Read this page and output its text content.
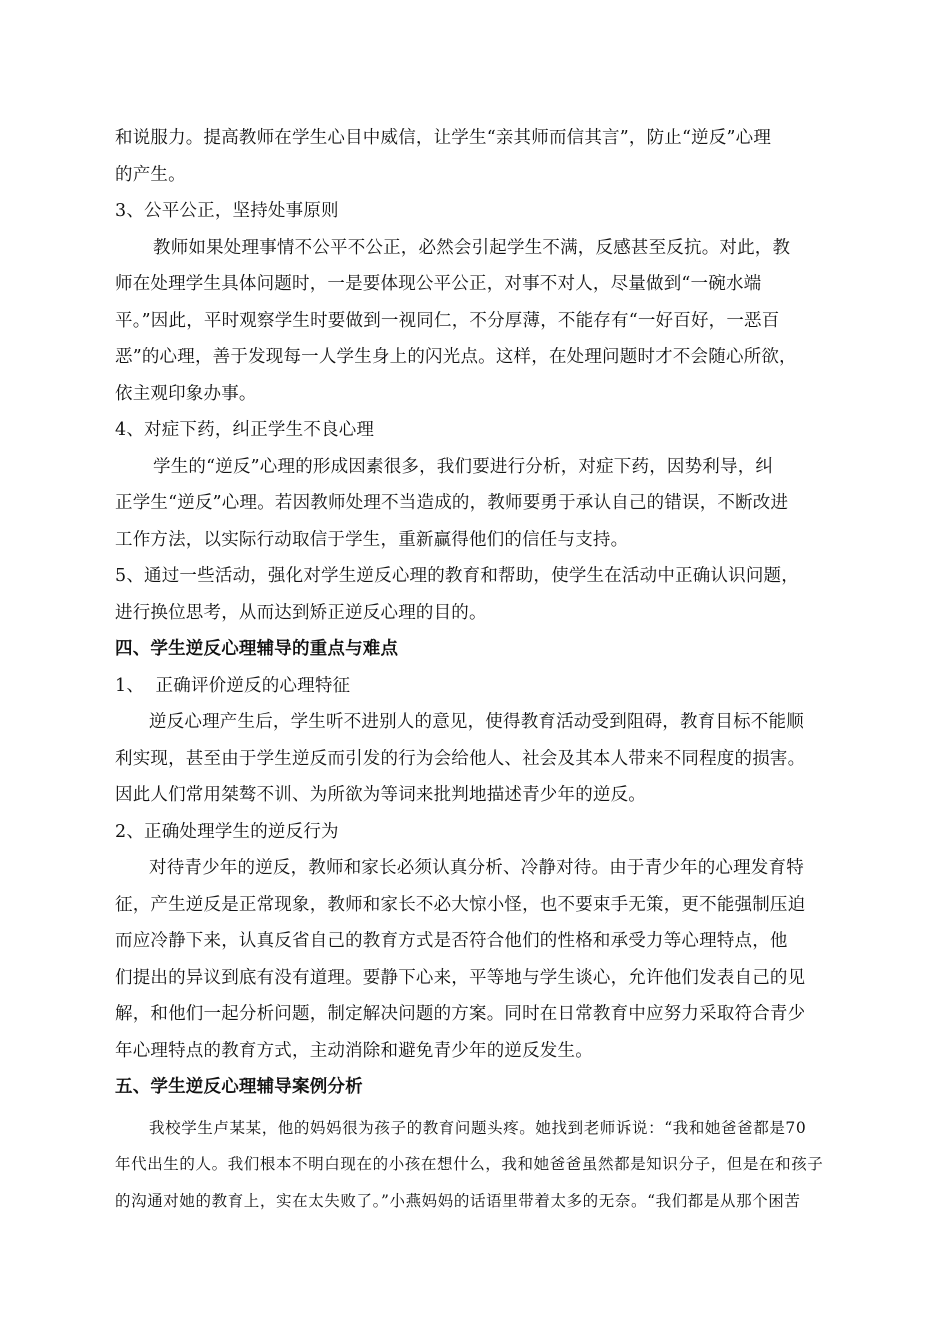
和说服力。提高教师在学生心目中威信，让学生“亲其师而信其言”，防止“逆反”心理
的产生。
3、公平公正，坚持处事原则
教师如果处理事情不公平不公正，必然会引起学生不满，反感甚至反抗。对此，教
师在处理学生具体问题时，一是要体现公平公正，对事不对人，尽量做到“一碗水端
平。”因此，平时观察学生时要做到一视同仁，不分厚薄，不能存有“一好百好，一恶百
恶”的心理，善于发现每一人学生身上的闪光点。这样，在处理问题时才不会随心所欲，
依主观印象办事。
4、对症下药，纠正学生不良心理
学生的“逆反”心理的形成因素很多，我们要进行分析，对症下药，因势利导，纠
正学生“逆反”心理。若因教师处理不当造成的，教师要勇于承认自己的错误，不断改进
工作方法，以实际行动取信于学生，重新赢得他们的信任与支持。
5、通过一些活动，强化对学生逆反心理的教育和帮助，使学生在活动中正确认识问题，
进行换位思考，从而达到矫正逆反心理的目的。
四、学生逆反心理辅导的重点与难点
1、  正确评价逆反的心理特征
逆反心理产生后，学生听不进别人的意见，使得教育活动受到阻碍，教育目标不能顺
利实现，甚至由于学生逆反而引发的行为会给他人、社会及其本人带来不同程度的损害。
因此人们常用桀骜不训、为所欲为等词来批判地描述青少年的逆反。
2、正确处理学生的逆反行为
对待青少年的逆反，教师和家长必须认真分析、冷静对待。由于青少年的心理发育特
征，产生逆反是正常现象，教师和家长不必大惊小怪，也不要束手无策，更不能强制压迫
而应冷静下来，认真反省自己的教育方式是否符合他们的性格和承受力等心理特点，他
们提出的异议到底有没有道理。要静下心来，平等地与学生谈心，允许他们发表自己的见
解，和他们一起分析问题，制定解决问题的方案。同时在日常教育中应努力采取符合青少
年心理特点的教育方式，主动消除和避免青少年的逆反发生。
五、学生逆反心理辅导案例分析
我校学生卢某某，他的妈妈很为孩子的教育问题头疼。她找到老师诉说：“我和她爸爸都是70
年代出生的人。我们根本不明白现在的小孩在想什么，我和她爸爸虽然都是知识分子，但是在和孩子
的沟通对她的教育上，实在太失败了。”小燕妈妈的话语里带着太多的无奈。“我们都是从那个困苦
